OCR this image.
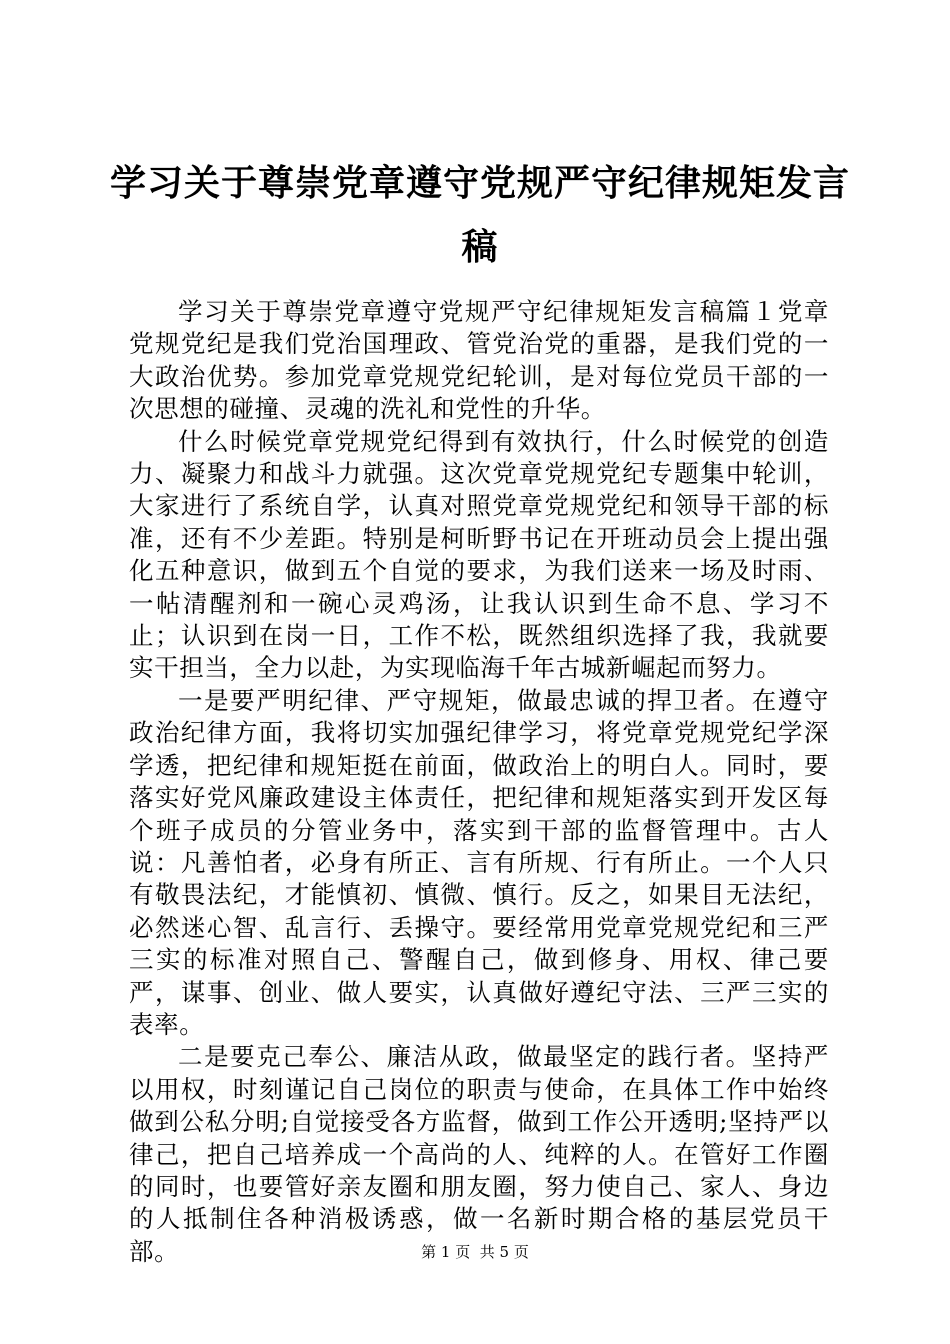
学习关于尊崇党章遵守党规严守纪律规矩发言稿

学习关于尊崇党章遵守党规严守纪律规矩发言稿篇１党章党规党纪是我们党治国理政、管党治党的重器，是我们党的一大政治优势。参加党章党规党纪轮训，是对每位党员干部的一次思想的碰撞、灵魂的洗礼和党性的升华。

什么时候党章党规党纪得到有效执行，什么时候党的创造力、凝聚力和战斗力就强。这次党章党规党纪专题集中轮训，大家进行了系统自学，认真对照党章党规党纪和领导干部的标准，还有不少差距。特别是柯昕野书记在开班动员会上提出强化五种意识，做到五个自觉的要求，为我们送来一场及时雨、一帖清醒剂和一碗心灵鸡汤，让我认识到生命不息、学习不止；认识到在岗一日，工作不松，既然组织选择了我，我就要实干担当，全力以赴，为实现临海千年古城新崛起而努力。

一是要严明纪律、严守规矩，做最忠诚的捍卫者。在遵守政治纪律方面，我将切实加强纪律学习，将党章党规党纪学深学透，把纪律和规矩挺在前面，做政治上的明白人。同时，要落实好党风廉政建设主体责任，把纪律和规矩落实到开发区每个班子成员的分管业务中，落实到干部的监督管理中。古人说：凡善怕者，必身有所正、言有所规、行有所止。一个人只有敬畏法纪，才能慎初、慎微、慎行。反之，如果目无法纪，必然迷心智、乱言行、丢操守。要经常用党章党规党纪和三严三实的标准对照自己、警醒自己，做到修身、用权、律己要严，谋事、创业、做人要实，认真做好遵纪守法、三严三实的表率。

二是要克己奉公、廉洁从政，做最坚定的践行者。坚持严以用权，时刻谨记自己岗位的职责与使命，在具体工作中始终做到公私分明;自觉接受各方监督，做到工作公开透明;坚持严以律己，把自己培养成一个高尚的人、纯粹的人。在管好工作圈的同时，也要管好亲友圈和朋友圈，努力使自己、家人、身边的人抵制住各种消极诱惑，做一名新时期合格的基层党员干部。	第 1 页  共 5 页
